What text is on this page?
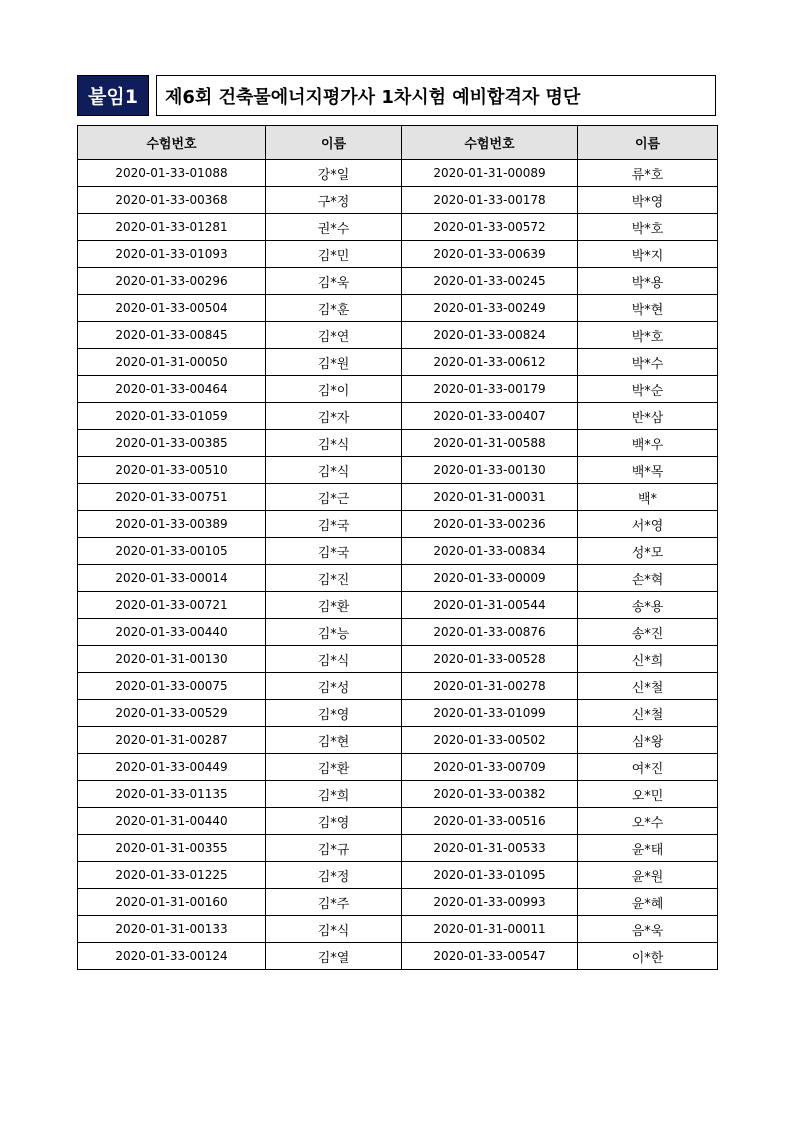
붙임1	제6회 건축물에너지평가사 1차시험 예비합격자 명단
수험번호	이름	수험번호	이름
2020-01-33-01088	강*일	2020-01-31-00089	류*호
2020-01-33-00368	구*정	2020-01-33-00178	박*영
2020-01-33-01281	권*수	2020-01-33-00572	박*호
2020-01-33-01093	김*민	2020-01-33-00639	박*지
2020-01-33-00296	김*욱	2020-01-33-00245	박*용
2020-01-33-00504	김*훈	2020-01-33-00249	박*현
2020-01-33-00845	김*연	2020-01-33-00824	박*호
2020-01-31-00050	김*원	2020-01-33-00612	박*수
2020-01-33-00464	김*이	2020-01-33-00179	박*순
2020-01-33-01059	김*자	2020-01-33-00407	반*삼
2020-01-33-00385	김*식	2020-01-31-00588	백*우
2020-01-33-00510	김*식	2020-01-33-00130	백*목
2020-01-33-00751	김*근	2020-01-31-00031	백*
2020-01-33-00389	김*국	2020-01-33-00236	서*영
2020-01-33-00105	김*국	2020-01-33-00834	성*모
2020-01-33-00014	김*진	2020-01-33-00009	손*혁
2020-01-33-00721	김*환	2020-01-31-00544	송*용
2020-01-33-00440	김*능	2020-01-33-00876	송*진
2020-01-31-00130	김*식	2020-01-33-00528	신*희
2020-01-33-00075	김*성	2020-01-31-00278	신*철
2020-01-33-00529	김*영	2020-01-33-01099	신*철
2020-01-31-00287	김*현	2020-01-33-00502	심*왕
2020-01-33-00449	김*환	2020-01-33-00709	여*진
2020-01-33-01135	김*희	2020-01-33-00382	오*민
2020-01-31-00440	김*영	2020-01-33-00516	오*수
2020-01-31-00355	김*규	2020-01-31-00533	윤*태
2020-01-33-01225	김*정	2020-01-33-01095	윤*원
2020-01-31-00160	김*주	2020-01-33-00993	윤*혜
2020-01-31-00133	김*식	2020-01-31-00011	음*욱
2020-01-33-00124	김*열	2020-01-33-00547	이*한
